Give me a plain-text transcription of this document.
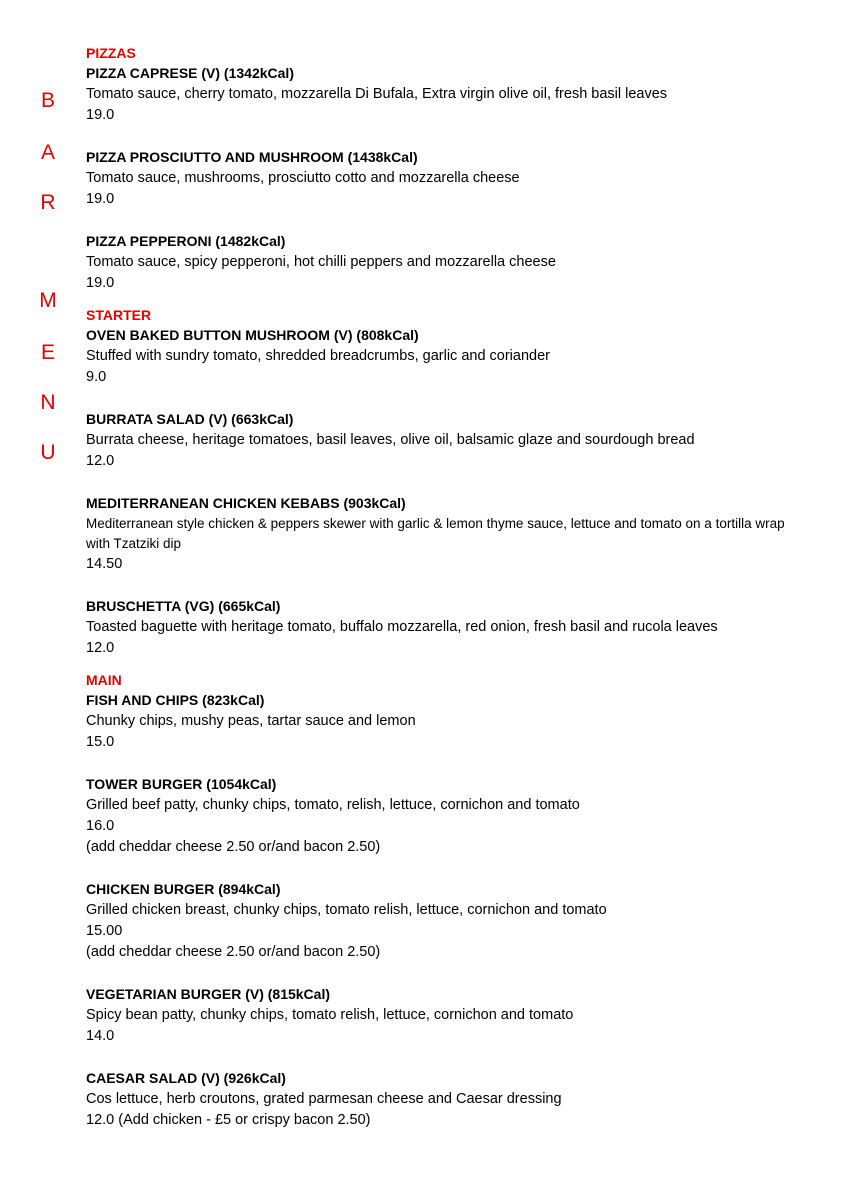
B
A
R
M
E
N
U
PIZZAS
PIZZA CAPRESE (V) (1342kCal)
Tomato sauce, cherry tomato, mozzarella Di Bufala, Extra virgin olive oil, fresh basil leaves
19.0
PIZZA PROSCIUTTO AND MUSHROOM (1438kCal)
Tomato sauce, mushrooms, prosciutto cotto and mozzarella cheese
19.0
PIZZA PEPPERONI (1482kCal)
Tomato sauce, spicy pepperoni, hot chilli peppers and mozzarella cheese
19.0
STARTER
OVEN BAKED BUTTON MUSHROOM (V) (808kCal)
Stuffed with sundry tomato, shredded breadcrumbs, garlic and coriander
9.0
BURRATA SALAD (V) (663kCal)
Burrata cheese, heritage tomatoes, basil leaves, olive oil, balsamic glaze and sourdough bread
12.0
MEDITERRANEAN CHICKEN KEBABS (903kCal)
Mediterranean style chicken & peppers skewer with garlic & lemon thyme sauce, lettuce and tomato on a tortilla wrap with Tzatziki dip
14.50
BRUSCHETTA (VG) (665kCal)
Toasted baguette with heritage tomato, buffalo mozzarella, red onion, fresh basil and rucola leaves
12.0
MAIN
FISH AND CHIPS (823kCal)
Chunky chips, mushy peas, tartar sauce and lemon
15.0
TOWER BURGER (1054kCal)
Grilled beef patty, chunky chips, tomato, relish, lettuce, cornichon and tomato
16.0
(add cheddar cheese 2.50 or/and bacon 2.50)
CHICKEN BURGER (894kCal)
Grilled chicken breast, chunky chips, tomato relish, lettuce, cornichon and tomato
15.00
(add cheddar cheese 2.50 or/and bacon 2.50)
VEGETARIAN BURGER (V) (815kCal)
Spicy bean patty, chunky chips, tomato relish, lettuce, cornichon and tomato
14.0
CAESAR SALAD (V) (926kCal)
Cos lettuce, herb croutons, grated parmesan cheese and Caesar dressing
12.0 (Add chicken - £5 or crispy bacon 2.50)
